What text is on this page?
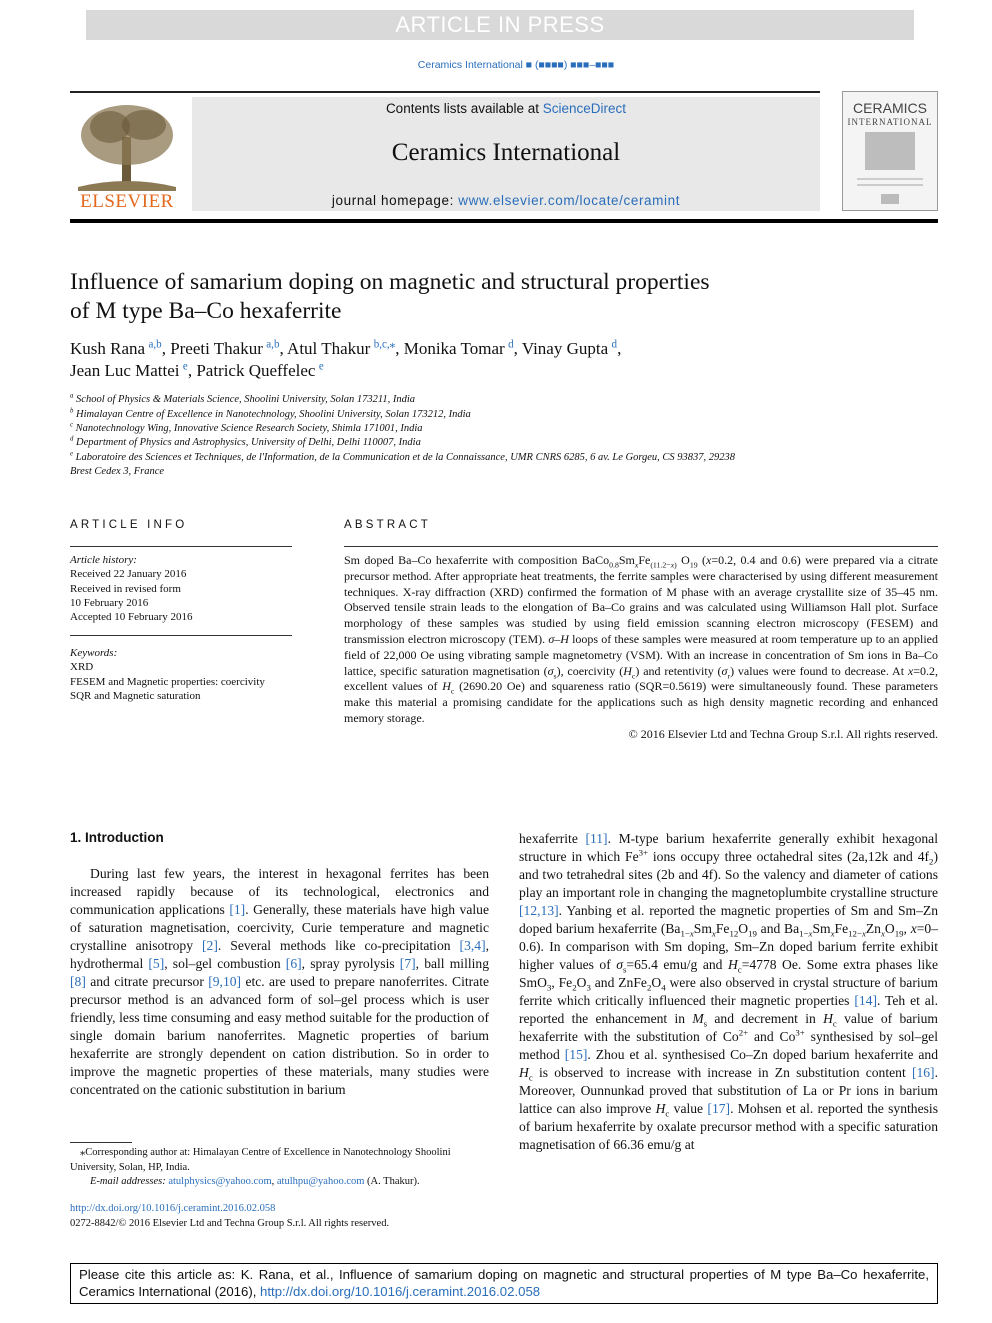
ARTICLE IN PRESS
Ceramics International ■ (■■■■) ■■■–■■■
ELSEVIER
Contents lists available at ScienceDirect
Ceramics International
journal homepage: www.elsevier.com/locate/ceramint
CERAMICS
INTERNATIONAL
Influence of samarium doping on magnetic and structural properties
of M type Ba–Co hexaferrite
Kush Rana  $^{a,b}$, Preeti Thakur  $^{a,b}$, Atul Thakur  $^{b,c,⁎}$, Monika Tomar  $^d$, Vinay Gupta  $^d$,
Jean Luc Mattei  $^e$, Patrick Queffelec  $^e$
$^a$ School of Physics & Materials Science, Shoolini University, Solan 173211, India
$^b$ Himalayan Centre of Excellence in Nanotechnology, Shoolini University, Solan 173212, India
$^c$ Nanotechnology Wing, Innovative Science Research Society, Shimla 171001, India
$^d$ Department of Physics and Astrophysics, University of Delhi, Delhi 110007, India
$^e$ Laboratoire des Sciences et Techniques, de l'Information, de la Communication et de la Connaissance, UMR CNRS 6285, 6 av. Le Gorgeu, CS 93837, 29238
Brest Cedex 3, France
ARTICLE INFO
Article history:
Received 22 January 2016
Received in revised form
10 February 2016
Accepted 10 February 2016
Keywords:
XRD
FESEM and Magnetic properties: coercivity
SQR and Magnetic saturation
ABSTRACT
Sm doped Ba–Co hexaferrite with composition $BaCo_{0.8}Sm_xFe_{(11.2-x)}$ $O_{19}$ (x=0.2, 0.4 and 0.6) were prepared via a citrate precursor method. After appropriate heat treatments, the ferrite samples were characterised by using different measurement techniques. X-ray diffraction (XRD) confirmed the formation of M phase with an average crystallite size of 35–45 nm. Observed tensile strain leads to the elongation of Ba–Co grains and was calculated using Williamson Hall plot. Surface morphology of these samples was studied by using field emission scanning electron microscopy (FESEM) and transmission electron microscopy (TEM). σ–H loops of these samples were measured at room temperature up to an applied field of 22,000 Oe using vibrating sample magnetometry (VSM). With an increase in concentration of Sm ions in Ba–Co lattice, specific saturation magnetisation $(\sigma_s)$, coercivity $(H_c)$ and retentivity $(\sigma_r)$ values were found to decrease. At x=0.2, excellent values of $H_c$ (2690.20 Oe) and squareness ratio (SQR=0.5619) were simultaneously found. These parameters make this material a promising candidate for the applications such as high density magnetic recording and enhanced memory storage.
© 2016 Elsevier Ltd and Techna Group S.r.l. All rights reserved.
1. Introduction

During last few years, the interest in hexagonal ferrites has been increased rapidly because of its technological, electronics and communication applications [1]. Generally, these materials have high value of saturation magnetisation, coercivity, Curie temperature and magnetic crystalline anisotropy [2]. Several methods like co-precipitation [3,4], hydrothermal [5], sol–gel combustion [6], spray pyrolysis [7], ball milling [8] and citrate precursor [9,10] etc. are used to prepare nanoferrites. Citrate precursor method is an advanced form of sol–gel process which is user friendly, less time consuming and easy method suitable for the production of single domain barium nanoferrites. Magnetic properties of barium hexaferrite are strongly dependent on cation distribution. So in order to improve the magnetic properties of these materials, many studies were concentrated on the cationic substitution in barium

⁎Corresponding author at: Himalayan Centre of Excellence in Nanotechnology Shoolini University, Solan, HP, India.
E-mail addresses: atulphysics@yahoo.com, atulhpu@yahoo.com (A. Thakur).
http://dx.doi.org/10.1016/j.ceramint.2016.02.058
0272-8842/© 2016 Elsevier Ltd and Techna Group S.r.l. All rights reserved.

hexaferrite [11]. M-type barium hexaferrite generally exhibit hexagonal structure in which $Fe^{3+}$ ions occupy three octahedral sites (2a,12k and $4f_2$) and two tetrahedral sites (2b and 4f). So the valency and diameter of cations play an important role in changing the magnetoplumbite crystalline structure [12,13]. Yanbing et al. reported the magnetic properties of Sm and Sm–Zn doped barium hexaferrite ($Ba_{1-x}Sm_xFe_{12}O_{19}$ and $Ba_{1-x}Sm_xFe_{12-x}Zn_xO_{19}$, x=0–0.6). In comparison with Sm doping, Sm–Zn doped barium ferrite exhibit higher values of $\sigma_s=65.4$ emu/g and $H_c=4778$ Oe. Some extra phases like SmO$_3$, $Fe_2O_3$ and $ZnFe_2O_4$ were also observed in crystal structure of barium ferrite which critically influenced their magnetic properties [14]. Teh et al. reported the enhancement in $M_s$ and decrement in $H_c$ value of barium hexaferrite with the substitution of $Co^{2+}$ and $Co^{3+}$ synthesised by sol–gel method [15]. Zhou et al. synthesised Co–Zn doped barium hexaferrite and $H_c$ is observed to increase with increase in Zn substitution content [16]. Moreover, Ounnunkad proved that substitution of La or Pr ions in barium lattice can also improve $H_c$ value [17]. Mohsen et al. reported the synthesis of barium hexaferrite by oxalate precursor method with a specific saturation magnetisation of 66.36 emu/g at

Please cite this article as: K. Rana, et al., Influence of samarium doping on magnetic and structural properties of M type Ba–Co hexaferrite, Ceramics International (2016), http://dx.doi.org/10.1016/j.ceramint.2016.02.058
